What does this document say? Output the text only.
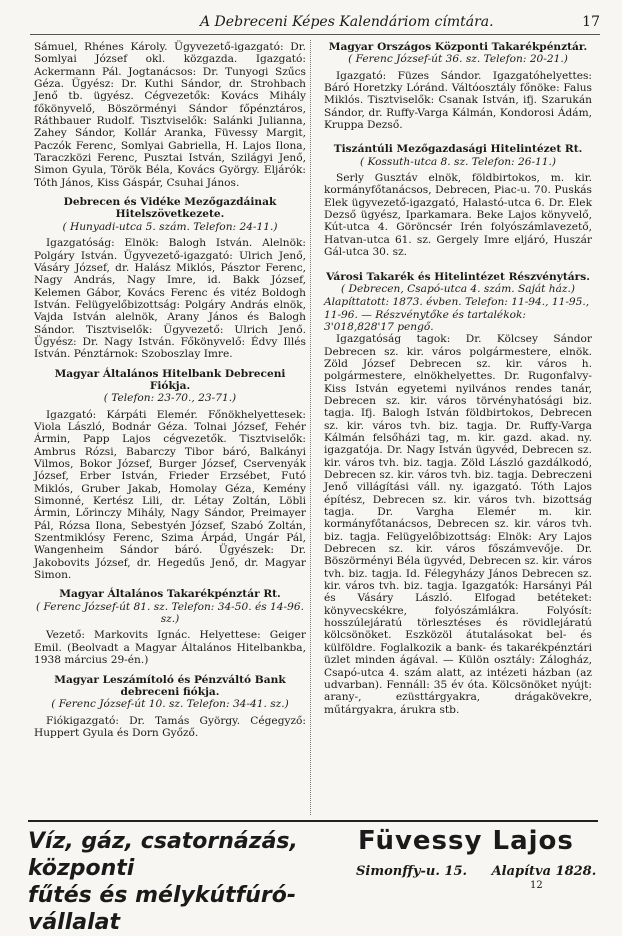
A Debreceni Képes Kalendáriom címtára.	17

Sámuel, Rhénes Károly. Ügyvezető-igazgató: Dr. Somlyai József okl. közgazda. Igazgató: Ackermann Pál. Jogtanácsos: Dr. Tunyogi Szűcs Géza. Ügyész: Dr. Kuthi Sándor, dr. Strohbach Jenő tb. ügyész. Cégvezetők: Kovács Mihály főkönyvelő, Böszörményi Sándor főpénztáros, Ráthbauer Rudolf. Tisztviselők: Salánki Julianna, Zahey Sándor, Kollár Aranka, Füvessy Margit, Paczók Ferenc, Somlyai Gabriella, H. Lajos Ilona, Taraczközi Ferenc, Pusztai István, Szilágyi Jenő, Simon Gyula, Török Béla, Kovács György. Eljárók: Tóth János, Kiss Gáspár, Csuhai János.

Debrecen és Vidéke Mezőgazdáinak Hitelszövetkezete.
( Hunyadi-utca 5. szám. Telefon: 24-11.)

Igazgatóság: Elnök: Balogh István. Alelnök: Polgáry István. Ügyvezető-igazgató: Ulrich Jenő, Vásáry József, dr. Halász Miklós, Pásztor Ferenc, Nagy András, Nagy Imre, id. Bakk József, Kelemen Gábor, Kovács Ferenc és vitéz Boldogh István. Felügyelőbizottság: Polgáry András elnök, Vajda István alelnök, Arany János és Balogh Sándor. Tisztviselők: Ügyvezető: Ulrich Jenő. Ügyész: Dr. Nagy István. Főkönyvelő: Édvy Illés István. Pénztárnok: Szoboszlay Imre.

Magyar Általános Hitelbank Debreceni Fiókja.
( Telefon: 23-70., 23-71.)

Igazgató: Kárpáti Elemér. Főnökhelyettesek: Viola László, Bodnár Géza. Tolnai József, Fehér Ármin, Papp Lajos cégvezetők. Tisztviselők: Ambrus Rózsi, Babarczy Tibor báró, Balkányi Vilmos, Bokor József, Burger József, Cservenyák József, Erber István, Frieder Erzsébet, Futó Miklós, Gruber Jakab, Homolay Géza, Kemény Simonné, Kertész Lili, dr. Létay Zoltán, Löbli Ármin, Lőrinczy Mihály, Nagy Sándor, Preimayer Pál, Rózsa Ilona, Sebestyén József, Szabó Zoltán, Szentmiklósy Ferenc, Szima Árpád, Ungár Pál, Wangenheim Sándor báró. Ügyészek: Dr. Jakobovits József, dr. Hegedűs Jenő, dr. Magyar Simon.

Magyar Általános Takarékpénztár Rt.
( Ferenc József-út 81. sz. Telefon: 34-50. és 14-96. sz.)

Vezető: Markovits Ignác. Helyettese: Geiger Emil. (Beolvadt a Magyar Általános Hitelbankba, 1938 március 29-én.)

Magyar Leszámítoló és Pénzváltó Bank debreceni fiókja.
( Ferenc József-út 10. sz. Telefon: 34-41. sz.)

Fiókigazgató: Dr. Tamás György. Cégegyző: Huppert Gyula és Dorn Győző.

Magyar Országos Központi Takarékpénztár.
( Ferenc József-út 36. sz. Telefon: 20-21.)

Igazgató: Füzes Sándor. Igazgatóhelyettes: Báró Horetzky Lóránd. Váltóosztály főnöke: Falus Miklós. Tisztviselők: Csanak István, ifj. Szarukán Sándor, dr. Ruffy-Varga Kálmán, Kondorosi Ádám, Kruppa Dezső.

Tiszántúli Mezőgazdasági Hitelintézet Rt.
( Kossuth-utca 8. sz. Telefon: 26-11.)

Serly Gusztáv elnök, földbirtokos, m. kir. kormányfőtanácsos, Debrecen, Piac-u. 70. Puskás Elek ügyvezető-igazgató, Halastó-utca 6. Dr. Elek Dezső ügyész, Iparkamara. Beke Lajos könyvelő, Kút-utca 4. Göröncsér Irén folyószámlavezető, Hatvan-utca 61. sz. Gergely Imre eljáró, Huszár Gál-utca 30. sz.

Városi Takarék és Hitelintézet Részvénytárs.
( Debrecen, Csapó-utca 4. szám. Saját ház.)

Alapíttatott: 1873. évben. Telefon: 11-94., 11-95., 11-96. — Részvénytőke és tartalékok: 3'018,828'17 pengő.

Igazgatóság tagok: Dr. Kölcsey Sándor Debrecen sz. kir. város polgármestere, elnök. Zöld József Debrecen sz. kir. város h. polgármestere, elnökhelyettes. Dr. Rugonfalvy-Kiss István egyetemi nyilvános rendes tanár, Debrecen sz. kir. város törvényhatósági biz. tagja. Ifj. Balogh István földbirtokos, Debrecen sz. kir. város tvh. biz. tagja. Dr. Ruffy-Varga Kálmán felsőházi tag, m. kir. gazd. akad. ny. igazgatója. Dr. Nagy István ügyvéd, Debrecen sz. kir. város tvh. biz. tagja. Zöld László gazdálkodó, Debrecen sz. kir. város tvh. biz. tagja. Debreczeni Jenő villágítási váll. ny. igazgató. Tóth Lajos építész, Debrecen sz. kir. város tvh. bizottság tagja. Dr. Vargha Elemér m. kir. kormányfőtanácsos, Debrecen sz. kir. város tvh. biz. tagja. Felügyelőbizottság: Elnök: Ary Lajos Debrecen sz. kir. város főszámvevője. Dr. Böszörményi Béla ügyvéd, Debrecen sz. kir. város tvh. biz. tagja. Id. Félegyházy János Debrecen sz. kir. város tvh. biz. tagja. Igazgatók: Harsányi Pál és Vásáry László. Elfogad betéteket: könyvecskékre, folyószámlákra. Folyósít: hosszúlejáratú törlesztéses és rövidlejáratú kölcsönöket. Eszközöl átutalásokat bel- és külföldre. Foglalkozik a bank- és takarékpénztári üzlet minden ágával. — Külön osztály: Zálogház, Csapó-utca 4. szám alatt, az intézeti házban (az udvarban). Fennáll: 35 év óta. Kölcsönöket nyújt: arany-, ezüsttárgyakra, drágakövekre, műtárgyakra, árukra stb.

Víz, gáz, csatornázás, központi
fűtés és mélykútfúró-vállalat
Füvessy Lajos
Simonffy-u. 15. Alapítva 1828.
12
